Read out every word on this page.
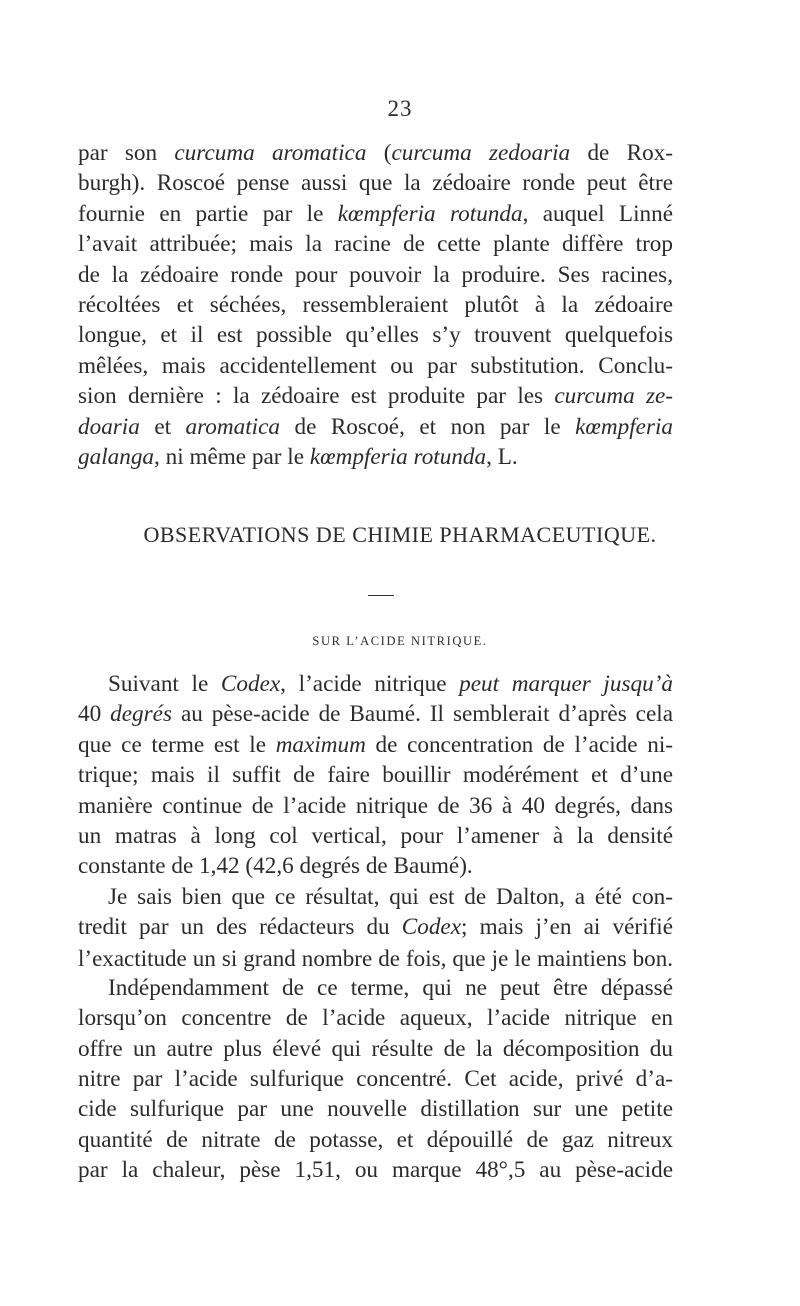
23
par son curcuma aromatica (curcuma zedoaria de Rox-
burgh). Roscoé pense aussi que la zédoaire ronde peut être
fournie en partie par le kœmpferia rotunda, auquel Linné
l’avait attribuée; mais la racine de cette plante diffère trop
de la zédoaire ronde pour pouvoir la produire. Ses racines,
récoltées et séchées, ressembleraient plutôt à la zédoaire
longue, et il est possible qu’elles s’y trouvent quelquefois
mêlées, mais accidentellement ou par substitution. Conclu-
sion dernière : la zédoaire est produite par les curcuma ze-
doaria et aromatica de Roscoé, et non par le kœmpferia
galanga, ni même par le kœmpferia rotunda, L.
OBSERVATIONS DE CHIMIE PHARMACEUTIQUE.
SUR L’ACIDE NITRIQUE.
Suivant le Codex, l’acide nitrique peut marquer jusqu’à
40 degrés au pèse-acide de Baumé. Il semblerait d’après cela
que ce terme est le maximum de concentration de l’acide ni-
trique; mais il suffit de faire bouillir modérément et d’une
manière continue de l’acide nitrique de 36 à 40 degrés, dans
un matras à long col vertical, pour l’amener à la densité
constante de 1,42 (42,6 degrés de Baumé).
Je sais bien que ce résultat, qui est de Dalton, a été con-
tredit par un des rédacteurs du Codex; mais j’en ai vérifié
l’exactitude un si grand nombre de fois, que je le maintiens bon.
Indépendamment de ce terme, qui ne peut être dépassé
lorsqu’on concentre de l’acide aqueux, l’acide nitrique en
offre un autre plus élevé qui résulte de la décomposition du
nitre par l’acide sulfurique concentré. Cet acide, privé d’a-
cide sulfurique par une nouvelle distillation sur une petite
quantité de nitrate de potasse, et dépouillé de gaz nitreux
par la chaleur, pèse 1,51, ou marque 48°,5 au pèse-acide
